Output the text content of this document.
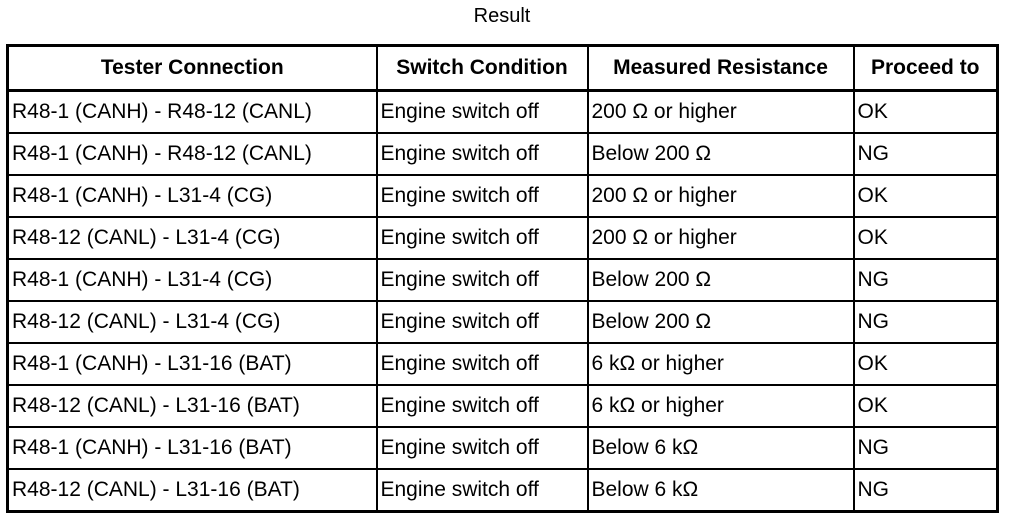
Result
Tester Connection	Switch Condition	Measured Resistance	Proceed to
R48-1 (CANH) - R48-12 (CANL)	Engine switch off	200 Ω or higher	OK
R48-1 (CANH) - R48-12 (CANL)	Engine switch off	Below 200 Ω	NG
R48-1 (CANH) - L31-4 (CG)	Engine switch off	200 Ω or higher	OK
R48-12 (CANL) - L31-4 (CG)	Engine switch off	200 Ω or higher	OK
R48-1 (CANH) - L31-4 (CG)	Engine switch off	Below 200 Ω	NG
R48-12 (CANL) - L31-4 (CG)	Engine switch off	Below 200 Ω	NG
R48-1 (CANH) - L31-16 (BAT)	Engine switch off	6 kΩ or higher	OK
R48-12 (CANL) - L31-16 (BAT)	Engine switch off	6 kΩ or higher	OK
R48-1 (CANH) - L31-16 (BAT)	Engine switch off	Below 6 kΩ	NG
R48-12 (CANL) - L31-16 (BAT)	Engine switch off	Below 6 kΩ	NG
